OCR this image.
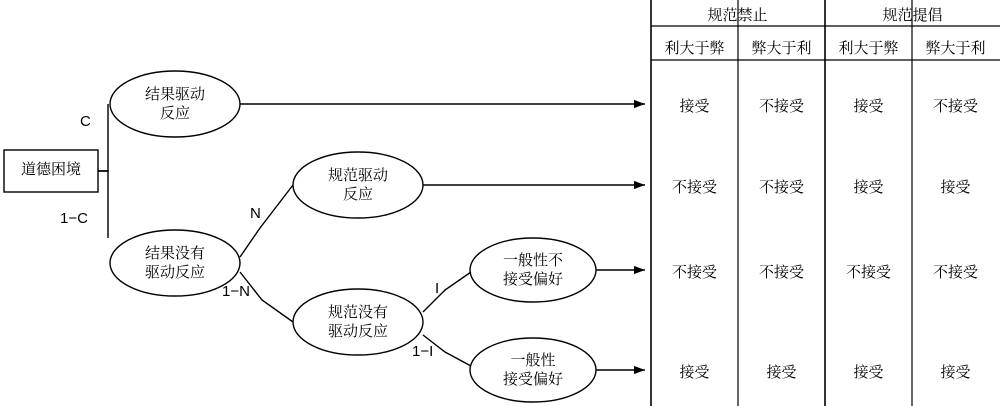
道德困境
结果驱动
反应
结果没有
驱动反应
规范驱动
反应
规范没有
驱动反应
一般性不
接受偏好
一般性
接受偏好
C
1−C	N
1−N	I
1−I
规范禁止	规范提倡
利大于弊	弊大于利	利大于弊	弊大于利
接受	不接受	接受	不接受
不接受	不接受	接受	接受
不接受	不接受	不接受	不接受
接受	接受	接受	接受
